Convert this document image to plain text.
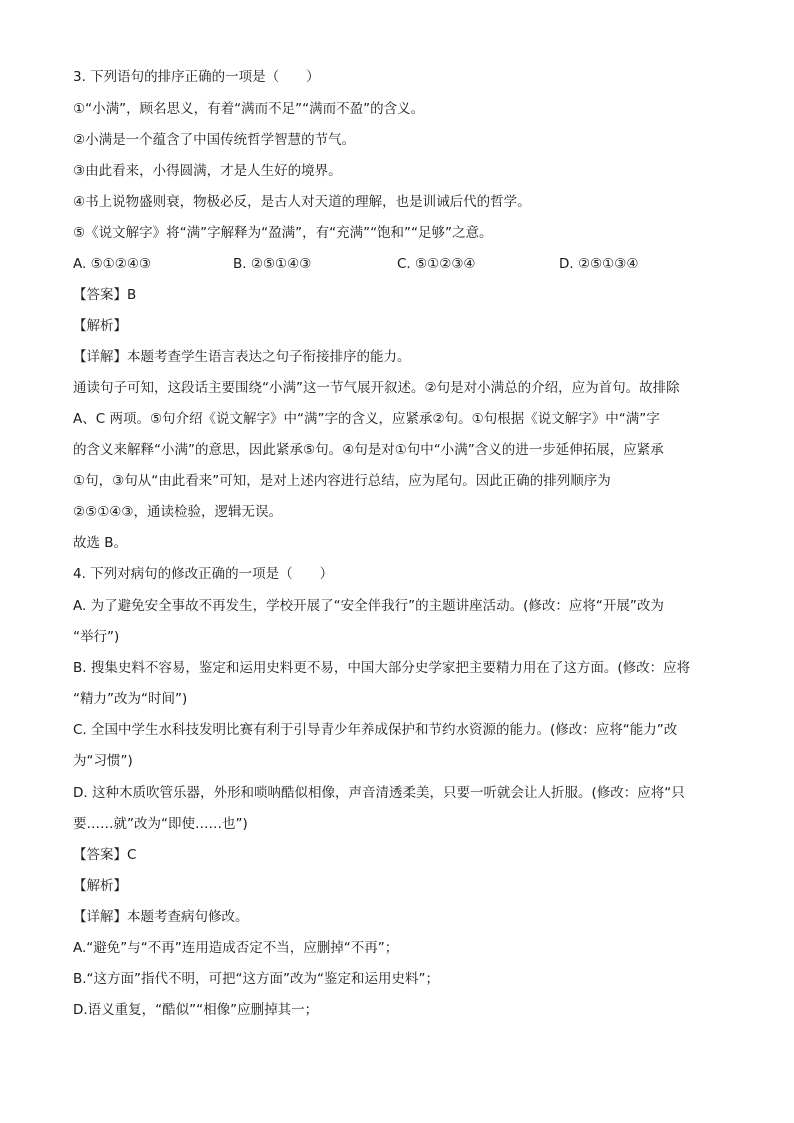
3. 下列语句的排序正确的一项是（　　）
①“小满”，顾名思义，有着“满而不足”“满而不盈”的含义。
②小满是一个蕴含了中国传统哲学智慧的节气。
③由此看来，小得圆满，才是人生好的境界。
④书上说物盛则衰，物极必反，是古人对天道的理解，也是训诫后代的哲学。
⑤《说文解字》将“满”字解释为“盈满”，有“充满”“饱和”“足够”之意。
A. ⑤①②④③	B. ②⑤①④③	C. ⑤①②③④	D. ②⑤①③④
【答案】B
【解析】
【详解】本题考查学生语言表达之句子衔接排序的能力。
通读句子可知，这段话主要围绕“小满”这一节气展开叙述。②句是对小满总的介绍，应为首句。故排除
A、C 两项。⑤句介绍《说文解字》中“满”字的含义，应紧承②句。①句根据《说文解字》中“满”字
的含义来解释“小满”的意思，因此紧承⑤句。④句是对①句中“小满”含义的进一步延伸拓展，应紧承
①句，③句从“由此看来”可知，是对上述内容进行总结，应为尾句。因此正确的排列顺序为
②⑤①④③，通读检验，逻辑无误。
故选 B。
4. 下列对病句的修改正确的一项是（　　）
A. 为了避免安全事故不再发生，学校开展了“安全伴我行”的主题讲座活动。(修改：应将“开展”改为
“举行”)
B. 搜集史料不容易，鉴定和运用史料更不易，中国大部分史学家把主要精力用在了这方面。(修改：应将
“精力”改为“时间”)
C. 全国中学生水科技发明比赛有利于引导青少年养成保护和节约水资源的能力。(修改：应将“能力”改
为“习惯”)
D. 这种木质吹管乐器，外形和唢呐酷似相像，声音清透柔美，只要一听就会让人折服。(修改：应将“只
要……就”改为“即使……也”)
【答案】C
【解析】
【详解】本题考查病句修改。
A.“避免”与“不再”连用造成否定不当，应删掉“不再”；
B.“这方面”指代不明，可把“这方面”改为“鉴定和运用史料”；
D.语义重复，“酷似”“相像”应删掉其一；
